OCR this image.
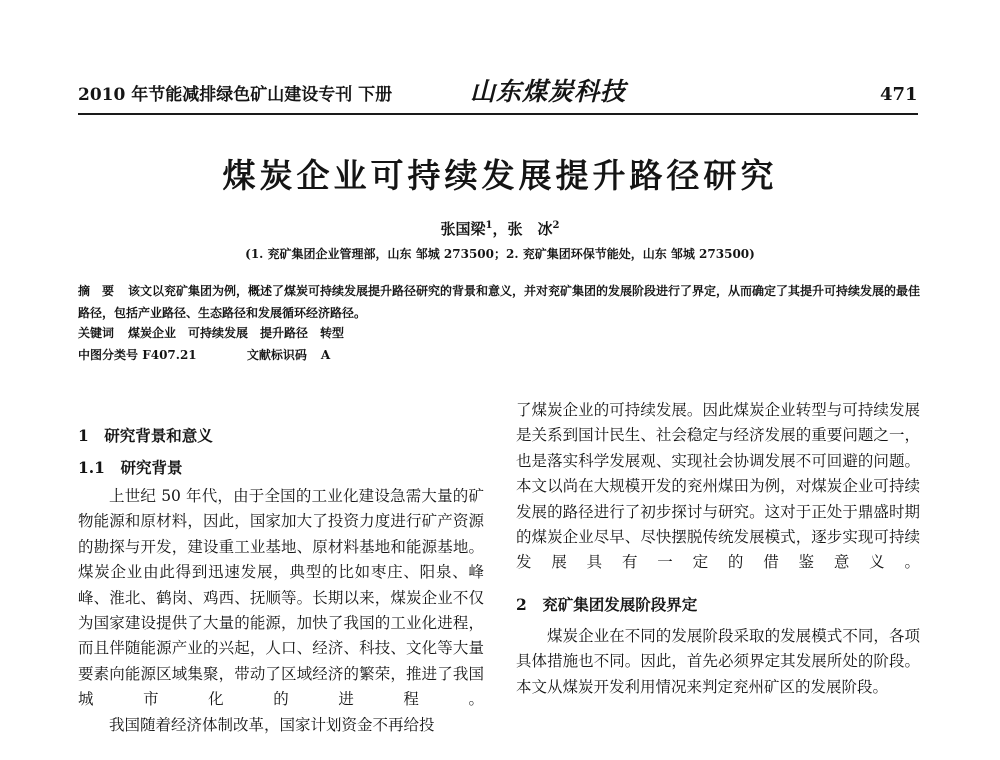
2010 年节能减排绿色矿山建设专刊 下册	山东煤炭科技	471
煤炭企业可持续发展提升路径研究
张国梁$^1$，张　冰$^2$
(1. 兖矿集团企业管理部，山东 邹城 273500；2. 兖矿集团环保节能处，山东 邹城 273500)
摘　要 该文以兖矿集团为例，概述了煤炭可持续发展提升路径研究的背景和意义，并对兖矿集团的发展阶段进行了界定，从而确定了其提升可持续发展的最佳路径，包括产业路径、生态路径和发展循环经济路径。
关键词 煤炭企业　可持续发展　提升路径　转型
中图分类号 F407.21	文献标识码 A

1　研究背景和意义

1.1　研究背景

上世纪 50 年代，由于全国的工业化建设急需大量的矿物能源和原材料，因此，国家加大了投资力度进行矿产资源的勘探与开发，建设重工业基地、原材料基地和能源基地。煤炭企业由此得到迅速发展，典型的比如枣庄、阳泉、峰峰、淮北、鹤岗、鸡西、抚顺等。长期以来，煤炭企业不仅为国家建设提供了大量的能源，加快了我国的工业化进程，而且伴随能源产业的兴起，人口、经济、科技、文化等大量要素向能源区域集聚，带动了区域经济的繁荣，推进了我国城市化的进程。

我国随着经济体制改革，国家计划资金不再给投

了煤炭企业的可持续发展。因此煤炭企业转型与可持续发展是关系到国计民生、社会稳定与经济发展的重要问题之一，也是落实科学发展观、实现社会协调发展不可回避的问题。本文以尚在大规模开发的兖州煤田为例，对煤炭企业可持续发展的路径进行了初步探讨与研究。这对于正处于鼎盛时期的煤炭企业尽早、尽快摆脱传统发展模式，逐步实现可持续发展具有一定的借鉴意义。

2　兖矿集团发展阶段界定

煤炭企业在不同的发展阶段采取的发展模式不同，各项具体措施也不同。因此，首先必须界定其发展所处的阶段。本文从煤炭开发利用情况来判定兖州矿区的发展阶段。
